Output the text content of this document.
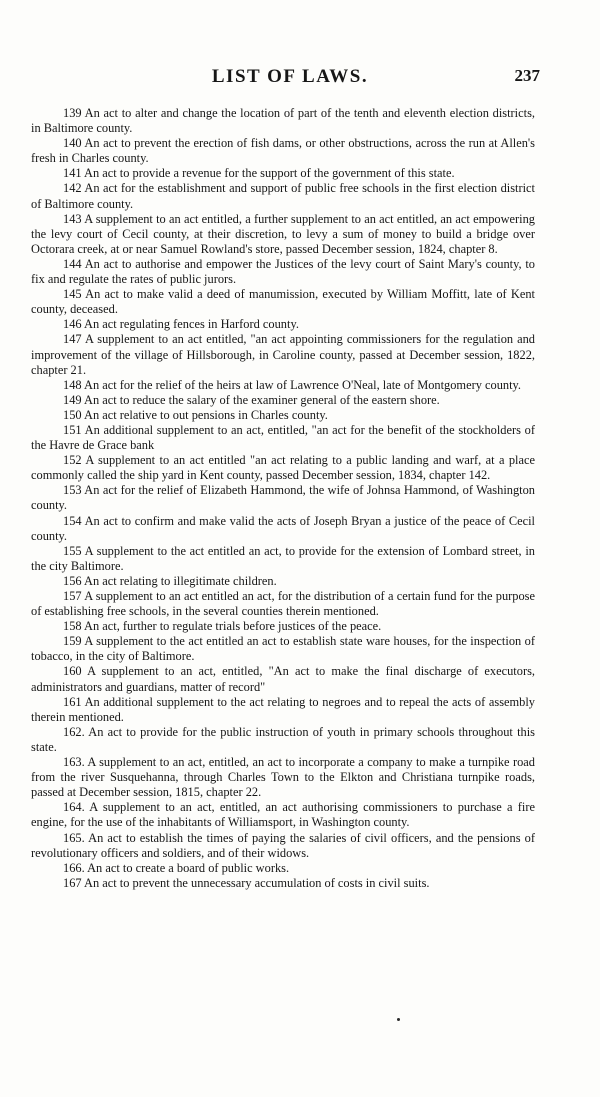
LIST OF LAWS.	237

139 An act to alter and change the location of part of the tenth and eleventh election districts, in Baltimore county.

140 An act to prevent the erection of fish dams, or other obstructions, across the run at Allen's fresh in Charles county.

141 An act to provide a revenue for the support of the government of this state.

142 An act for the establishment and support of public free schools in the first election district of Baltimore county.

143 A supplement to an act entitled, a further supplement to an act entitled, an act empowering the levy court of Cecil county, at their discretion, to levy a sum of money to build a bridge over Octorara creek, at or near Samuel Rowland's store, passed December session, 1824, chapter 8.

144 An act to authorise and empower the Justices of the levy court of Saint Mary's county, to fix and regulate the rates of public jurors.

145 An act to make valid a deed of manumission, executed by William Moffitt, late of Kent county, deceased.

146 An act regulating fences in Harford county.

147 A supplement to an act entitled, "an act appointing commissioners for the regulation and improvement of the village of Hillsborough, in Caroline county, passed at December session, 1822, chapter 21.

148 An act for the relief of the heirs at law of Lawrence O'Neal, late of Montgomery county.

149 An act to reduce the salary of the examiner general of the eastern shore.

150 An act relative to out pensions in Charles county.

151 An additional supplement to an act, entitled, "an act for the benefit of the stockholders of the Havre de Grace bank

152 A supplement to an act entitled "an act relating to a public landing and warf, at a place commonly called the ship yard in Kent county, passed December session, 1834, chapter 142.

153 An act for the relief of Elizabeth Hammond, the wife of Johnsa Hammond, of Washington county.

154 An act to confirm and make valid the acts of Joseph Bryan a justice of the peace of Cecil county.

155 A supplement to the act entitled an act, to provide for the extension of Lombard street, in the city Baltimore.

156 An act relating to illegitimate children.

157 A supplement to an act entitled an act, for the distribution of a certain fund for the purpose of establishing free schools, in the several counties therein mentioned.

158 An act, further to regulate trials before justices of the peace.

159 A supplement to the act entitled an act to establish state ware houses, for the inspection of tobacco, in the city of Baltimore.

160 A supplement to an act, entitled, "An act to make the final discharge of executors, administrators and guardians, matter of record"

161 An additional supplement to the act relating to negroes and to repeal the acts of assembly therein mentioned.

162. An act to provide for the public instruction of youth in primary schools throughout this state.

163. A supplement to an act, entitled, an act to incorporate a company to make a turnpike road from the river Susquehanna, through Charles Town to the Elkton and Christiana turnpike roads, passed at December session, 1815, chapter 22.

164. A supplement to an act, entitled, an act authorising commissioners to purchase a fire engine, for the use of the inhabitants of Williamsport, in Washington county.

165. An act to establish the times of paying the salaries of civil officers, and the pensions of revolutionary officers and soldiers, and of their widows.

166. An act to create a board of public works.

167 An act to prevent the unnecessary accumulation of costs in civil suits.
